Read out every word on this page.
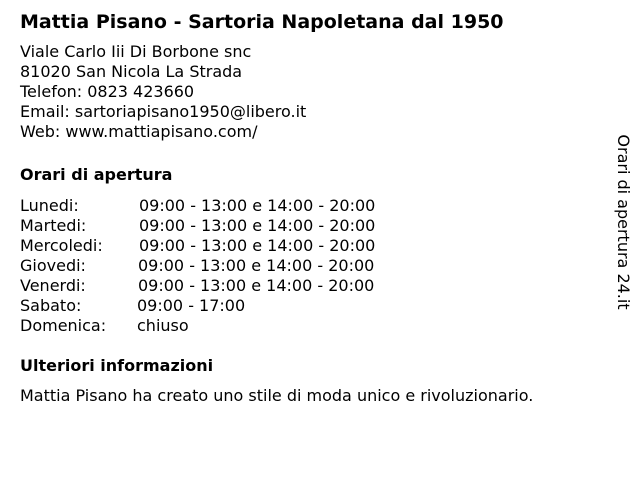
Mattia Pisano - Sartoria Napoletana dal 1950
Viale Carlo Iii Di Borbone snc
81020 San Nicola La Strada
Telefon: 0823 423660
Email: sartoriapisano1950@libero.it
Web: www.mattiapisano.com/
Orari di apertura
Lunedi:	09:00 - 13:00 e 14:00 - 20:00
Martedi:	09:00 - 13:00 e 14:00 - 20:00
Mercoledi: 09:00 - 13:00 e 14:00 - 20:00
Giovedi:	09:00 - 13:00 e 14:00 - 20:00
Venerdi:	09:00 - 13:00 e 14:00 - 20:00
Sabato:	09:00 - 17:00
Domenica: chiuso
Ulteriori informazioni
Mattia Pisano ha creato uno stile di moda unico e rivoluzionario.
Orari di apertura 24.it
